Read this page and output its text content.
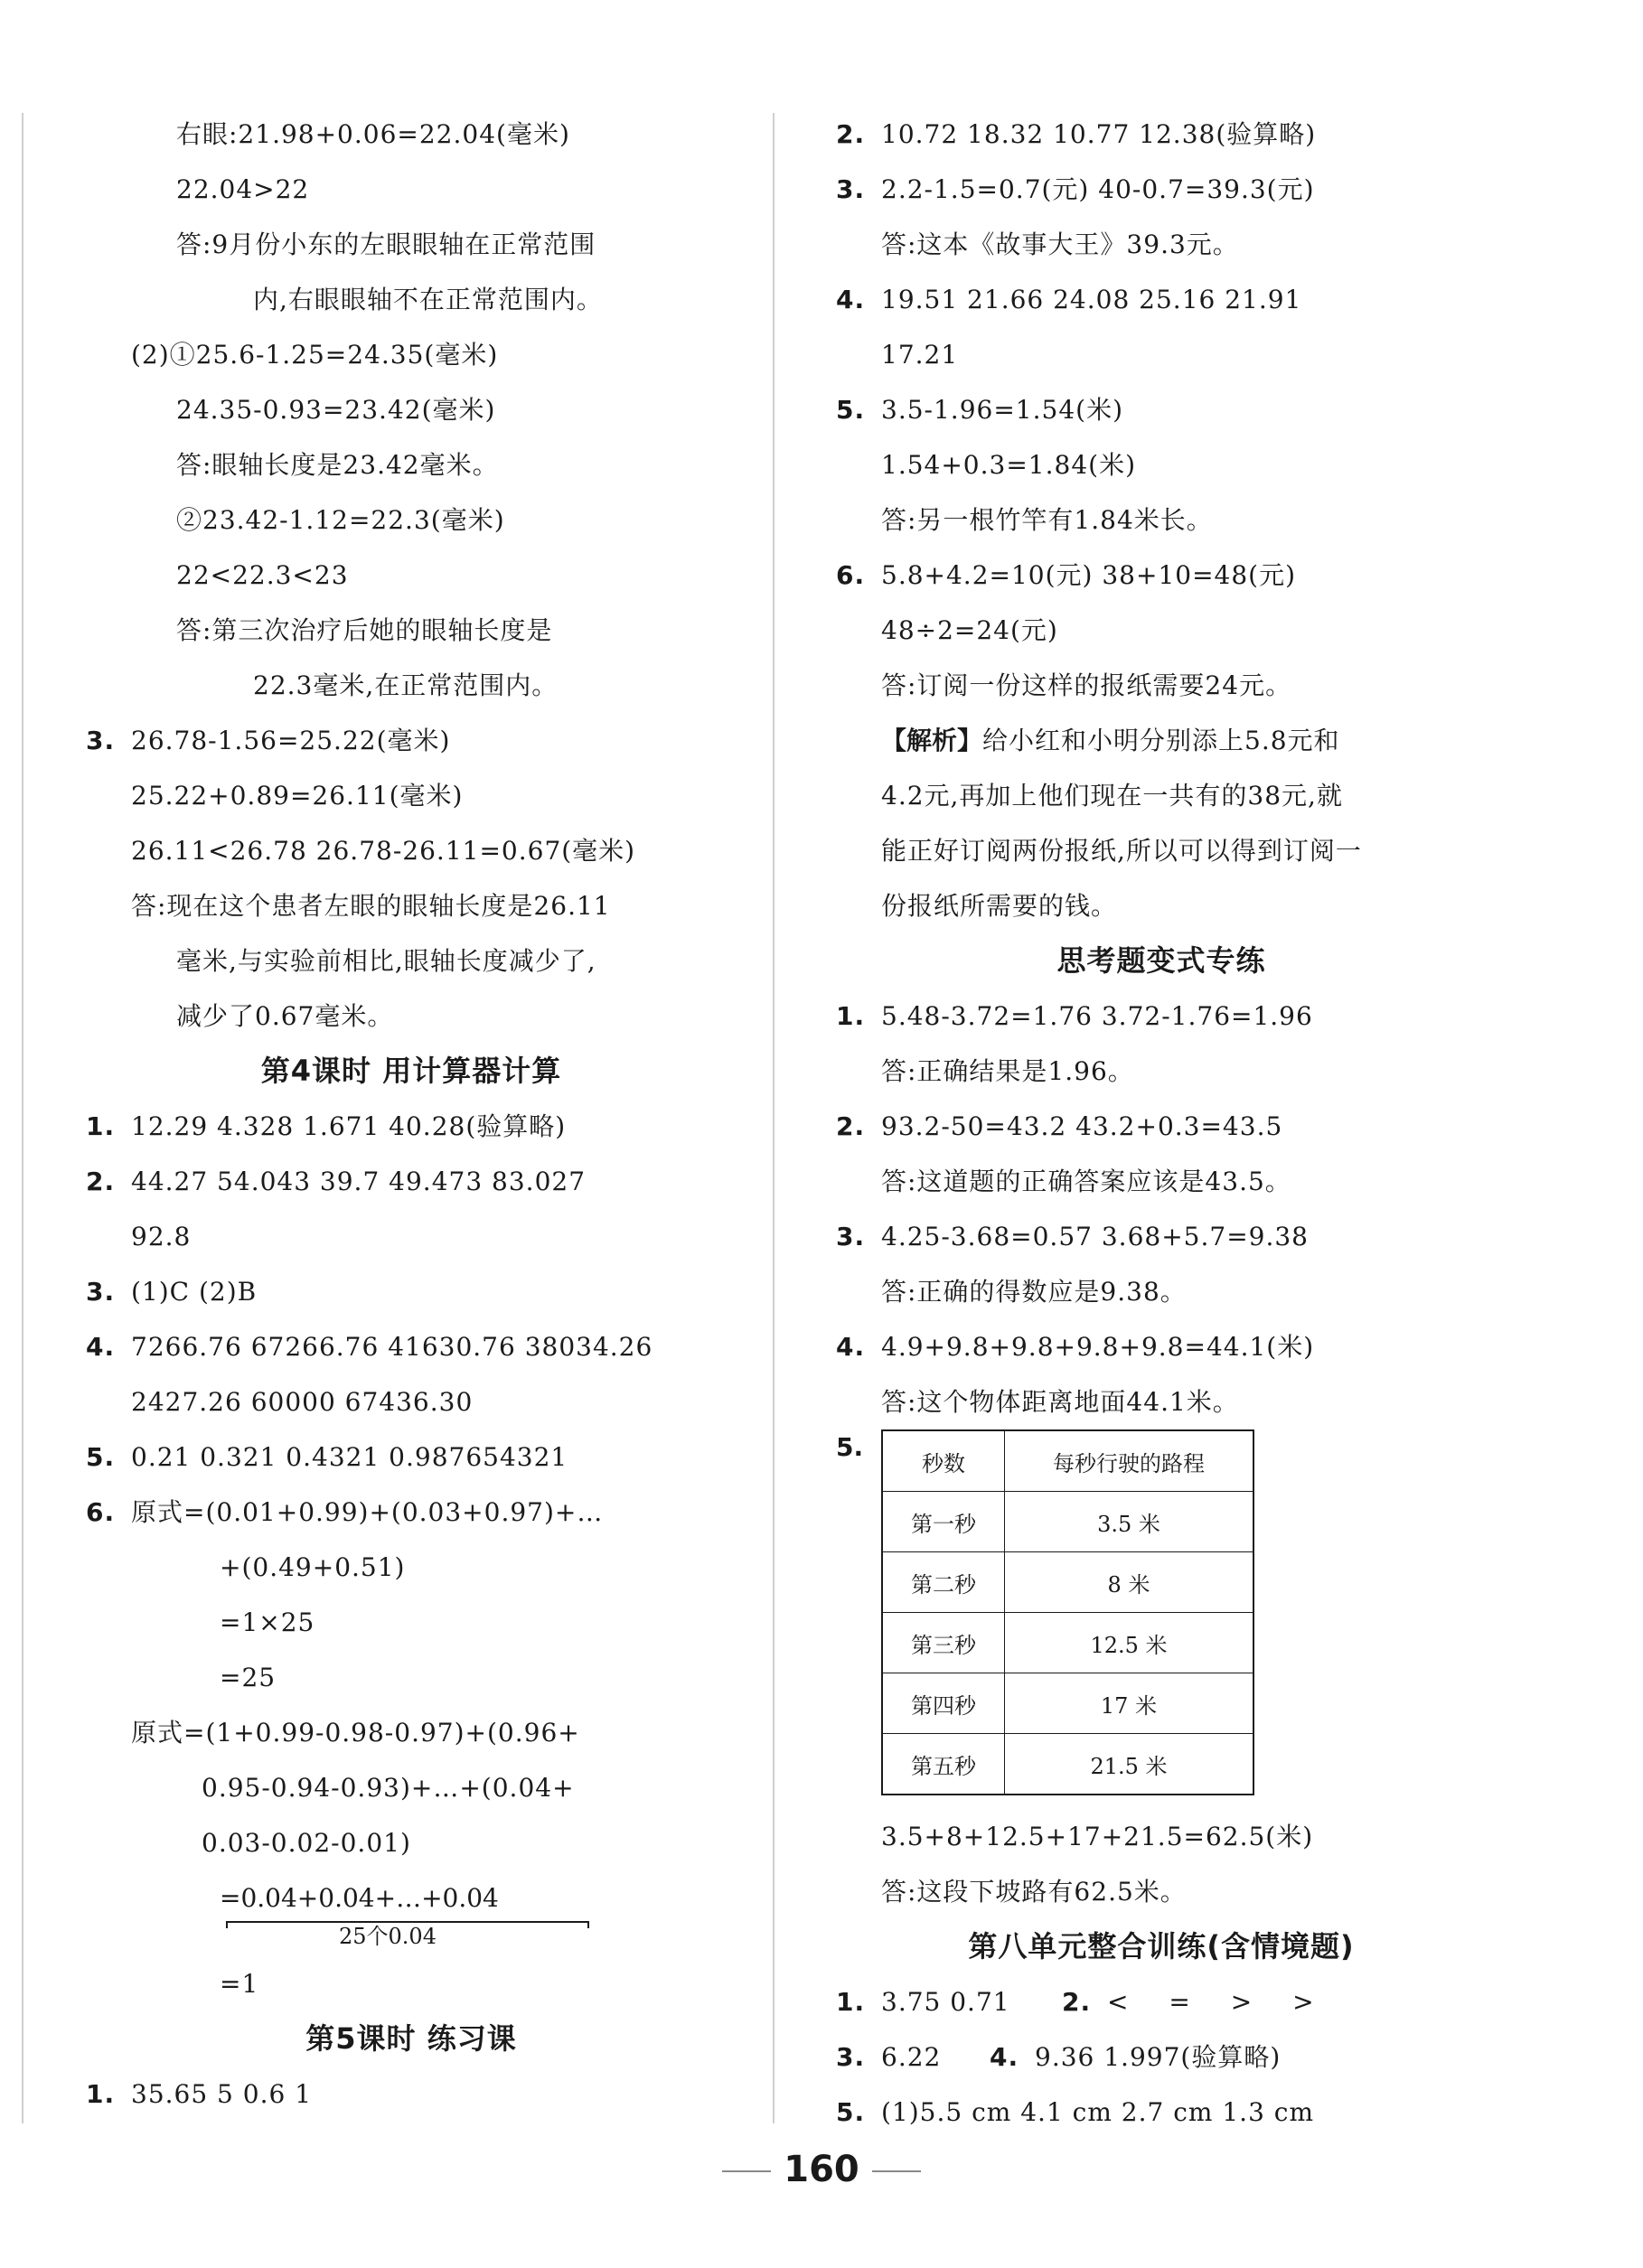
右眼:21.98+0.06=22.04(毫米)
22.04>22
答:9月份小东的左眼眼轴在正常范围
内,右眼眼轴不在正常范围内。
(2)①25.6-1.25=24.35(毫米)
24.35-0.93=23.42(毫米)
答:眼轴长度是23.42毫米。
②23.42-1.12=22.3(毫米)
22<22.3<23
答:第三次治疗后她的眼轴长度是
22.3毫米,在正常范围内。
3. 26.78-1.56=25.22(毫米)
25.22+0.89=26.11(毫米)
26.11<26.78 26.78-26.11=0.67(毫米)
答:现在这个患者左眼的眼轴长度是26.11
毫米,与实验前相比,眼轴长度减少了,
减少了0.67毫米。
第4课时 用计算器计算
1. 12.29 4.328 1.671 40.28(验算略)
2. 44.27 54.043 39.7 49.473 83.027
92.8
3. (1)C (2)B
4. 7266.76 67266.76 41630.76 38034.26
2427.26 60000 67436.30
5. 0.21 0.321 0.4321 0.987654321
6. 原式=(0.01+0.99)+(0.03+0.97)+…
+(0.49+0.51)
=1×25
=25
原式=(1+0.99-0.98-0.97)+(0.96+
0.95-0.94-0.93)+…+(0.04+
0.03-0.02-0.01)
=0.04+0.04+…+0.04
25个0.04
=1
第5课时 练习课
1. 35.65 5 0.6 1
2. 10.72 18.32 10.77 12.38(验算略)
3. 2.2-1.5=0.7(元) 40-0.7=39.3(元)
答:这本《故事大王》39.3元。
4. 19.51 21.66 24.08 25.16 21.91
17.21
5. 3.5-1.96=1.54(米)
1.54+0.3=1.84(米)
答:另一根竹竿有1.84米长。
6. 5.8+4.2=10(元) 38+10=48(元)
48÷2=24(元)
答:订阅一份这样的报纸需要24元。
【解析】给小红和小明分别添上5.8元和
4.2元,再加上他们现在一共有的38元,就
能正好订阅两份报纸,所以可以得到订阅一
份报纸所需要的钱。
思考题变式专练
1. 5.48-3.72=1.76 3.72-1.76=1.96
答:正确结果是1.96。
2. 93.2-50=43.2 43.2+0.3=43.5
答:这道题的正确答案应该是43.5。
3. 4.25-3.68=0.57 3.68+5.7=9.38
答:正确的得数应是9.38。
4. 4.9+9.8+9.8+9.8+9.8=44.1(米)
答:这个物体距离地面44.1米。
5.
秒数	每秒行驶的路程
第一秒	3.5 米
第二秒	8 米
第三秒	12.5 米
第四秒	17 米
第五秒	21.5 米
3.5+8+12.5+17+21.5=62.5(米)
答:这段下坡路有62.5米。
第八单元整合训练(含情境题)
1. 3.75 0.71 2. < = > >
3. 6.22 4. 9.36 1.997(验算略)
5. (1)5.5 cm 4.1 cm 2.7 cm 1.3 cm
160
